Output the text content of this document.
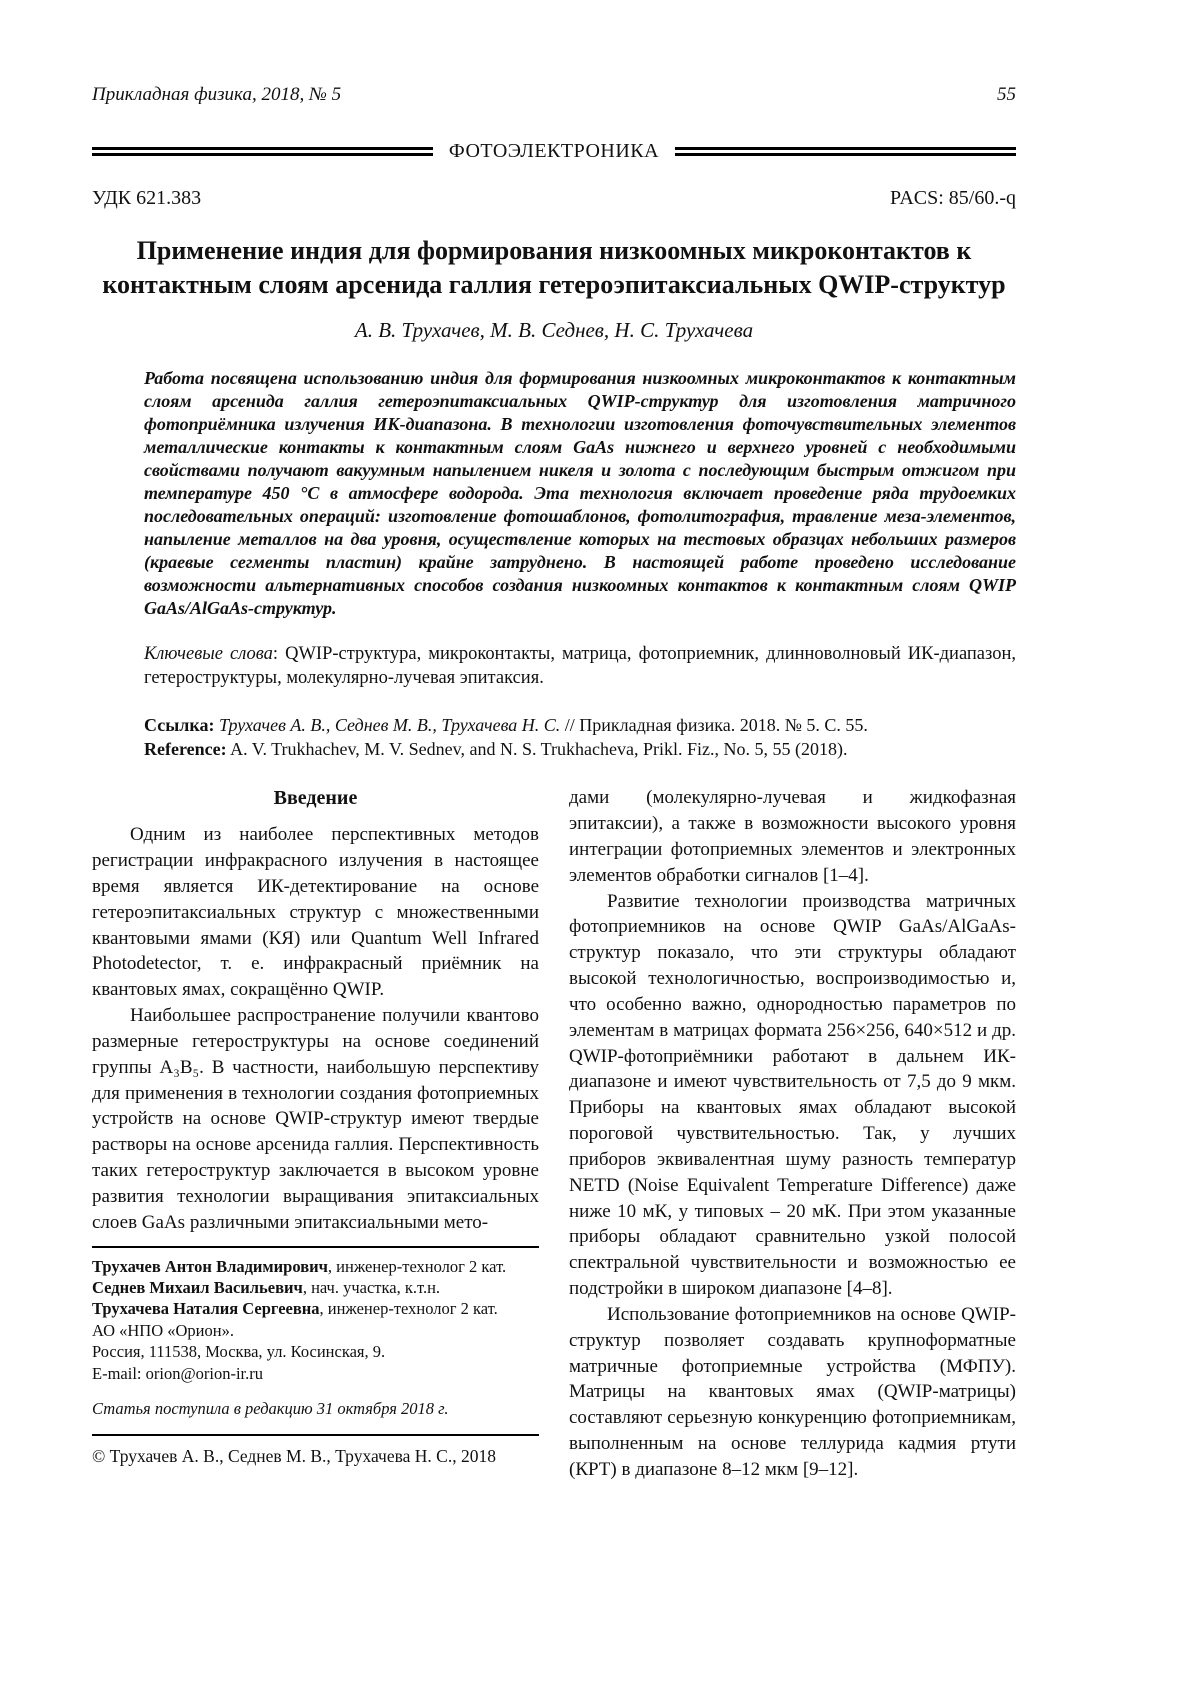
Прикладная физика, 2018, № 5	55
ФОТОЭЛЕКТРОНИКА
УДК 621.383	PACS: 85/60.-q
Применение индия для формирования низкоомных микроконтактов к контактным слоям арсенида галлия гетероэпитаксиальных QWIP-структур
А. В. Трухачев, М. В. Седнев, Н. С. Трухачева

Работа посвящена использованию индия для формирования низкоомных микроконтактов к контактным слоям арсенида галлия гетероэпитаксиальных QWIP-структур для изготовления матричного фотоприёмника излучения ИК-диапазона. В технологии изготовления фоточувствительных элементов металлические контакты к контактным слоям GaAs нижнего и верхнего уровней с необходимыми свойствами получают вакуумным напылением никеля и золота с последующим быстрым отжигом при температуре 450 °С в атмосфере водорода. Эта технология включает проведение ряда трудоемких последовательных операций: изготовление фотошаблонов, фотолитография, травление меза-элементов, напыление металлов на два уровня, осуществление которых на тестовых образцах небольших размеров (краевые сегменты пластин) крайне затруднено. В настоящей работе проведено исследование возможности альтернативных способов создания низкоомных контактов к контактным слоям QWIP GaAs/AlGaAs-структур.

Ключевые слова: QWIP-структура, микроконтакты, матрица, фотоприемник, длинноволновый ИК-диапазон, гетероструктуры, молекулярно-лучевая эпитаксия.

Ссылка: Трухачев А. В., Седнев М. В., Трухачева Н. С. // Прикладная физика. 2018. № 5. С. 55.

Reference: A. V. Trukhachev, M. V. Sednev, and N. S. Trukhacheva, Prikl. Fiz., No. 5, 55 (2018).

Введение

Одним из наиболее перспективных методов регистрации инфракрасного излучения в настоящее время является ИК-детектирование на основе гетероэпитаксиальных структур с множественными квантовыми ямами (КЯ) или Quantum Well Infrared Photodetector, т. е. инфракрасный приёмник на квантовых ямах, сокращённо QWIP.

Наибольшее распространение получили квантово размерные гетероструктуры на основе соединений группы A₃B₅. В частности, наибольшую перспективу для применения в технологии создания фотоприемных устройств на основе QWIP-структур имеют твердые растворы на основе арсенида галлия. Перспективность таких гетероструктур заключается в высоком уровне развития технологии выращивания эпитаксиальных слоев GaAs различными эпитаксиальными мето-

Трухачев Антон Владимирович, инженер-технолог 2 кат.

Седнев Михаил Васильевич, нач. участка, к.т.н.

Трухачева Наталия Сергеевна, инженер-технолог 2 кат.

АО «НПО «Орион».

Россия, 111538, Москва, ул. Косинская, 9.

E-mail: orion@orion-ir.ru

Статья поступила в редакцию 31 октября 2018 г.

© Трухачев А. В., Седнев М. В., Трухачева Н. С., 2018

дами (молекулярно-лучевая и жидкофазная эпитаксии), а также в возможности высокого уровня интеграции фотоприемных элементов и электронных элементов обработки сигналов [1–4].

Развитие технологии производства матричных фотоприемников на основе QWIP GaAs/AlGaAs-структур показало, что эти структуры обладают высокой технологичностью, воспроизводимостью и, что особенно важно, однородностью параметров по элементам в матрицах формата 256×256, 640×512 и др. QWIP-фотоприёмники работают в дальнем ИК-диапазоне и имеют чувствительность от 7,5 до 9 мкм. Приборы на квантовых ямах обладают высокой пороговой чувствительностью. Так, у лучших приборов эквивалентная шуму разность температур NETD (Noise Equivalent Temperature Difference) даже ниже 10 мК, у типовых – 20 мК. При этом указанные приборы обладают сравнительно узкой полосой спектральной чувствительности и возможностью ее подстройки в широком диапазоне [4–8].

Использование фотоприемников на основе QWIP-структур позволяет создавать крупноформатные матричные фотоприемные устройства (МФПУ). Матрицы на квантовых ямах (QWIP-матрицы) составляют серьезную конкуренцию фотоприемникам, выполненным на основе теллурида кадмия ртути (КРТ) в диапазоне 8–12 мкм [9–12].
